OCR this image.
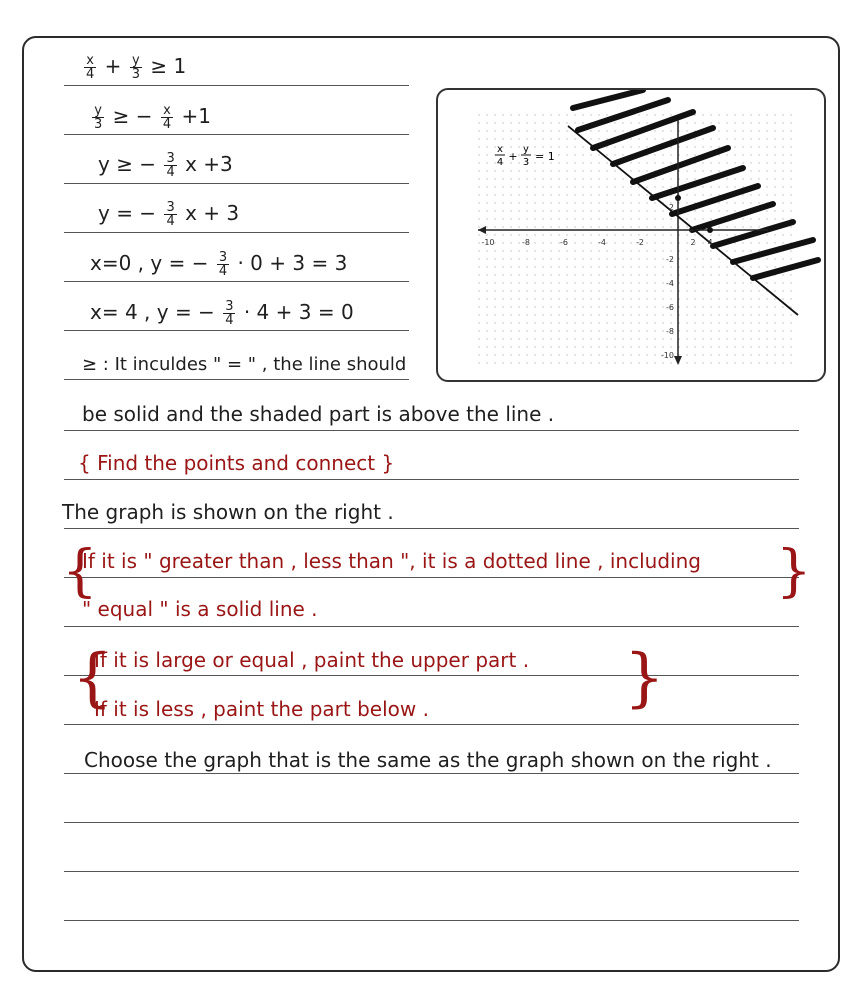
$\frac{x}{4} + \frac{y}{3} \ge 1$
$\frac{y}{3}$ ≥ − $\frac{x}{4} +1$
y ≥ − $\frac{3}{4}$ x +3
y = − $\frac{3}{4}$ x + 3
x=0 , y = − $\frac{3}{4} \cdot 0 + 3 = 3$
x= 4 , y = − $\frac{3}{4} \cdot 4 + 3 = 0$
≥ : It inculdes " = " , the line should
be solid and the shaded part is above the line .
{ Find the points and connect }
The graph is shown on the right .
{
If it is " greater than , less than ", it is a dotted line , including
" equal " is a solid line .
}
{
If it is large or equal , paint the upper part .
If it is less , paint the part below .	}
Choose the graph that is the same as the graph shown on the right .
x
4 +
y
3 = 1
-10	-8	-6	-4	-2	2 4
2
-2
-4
-6
-8
-10
